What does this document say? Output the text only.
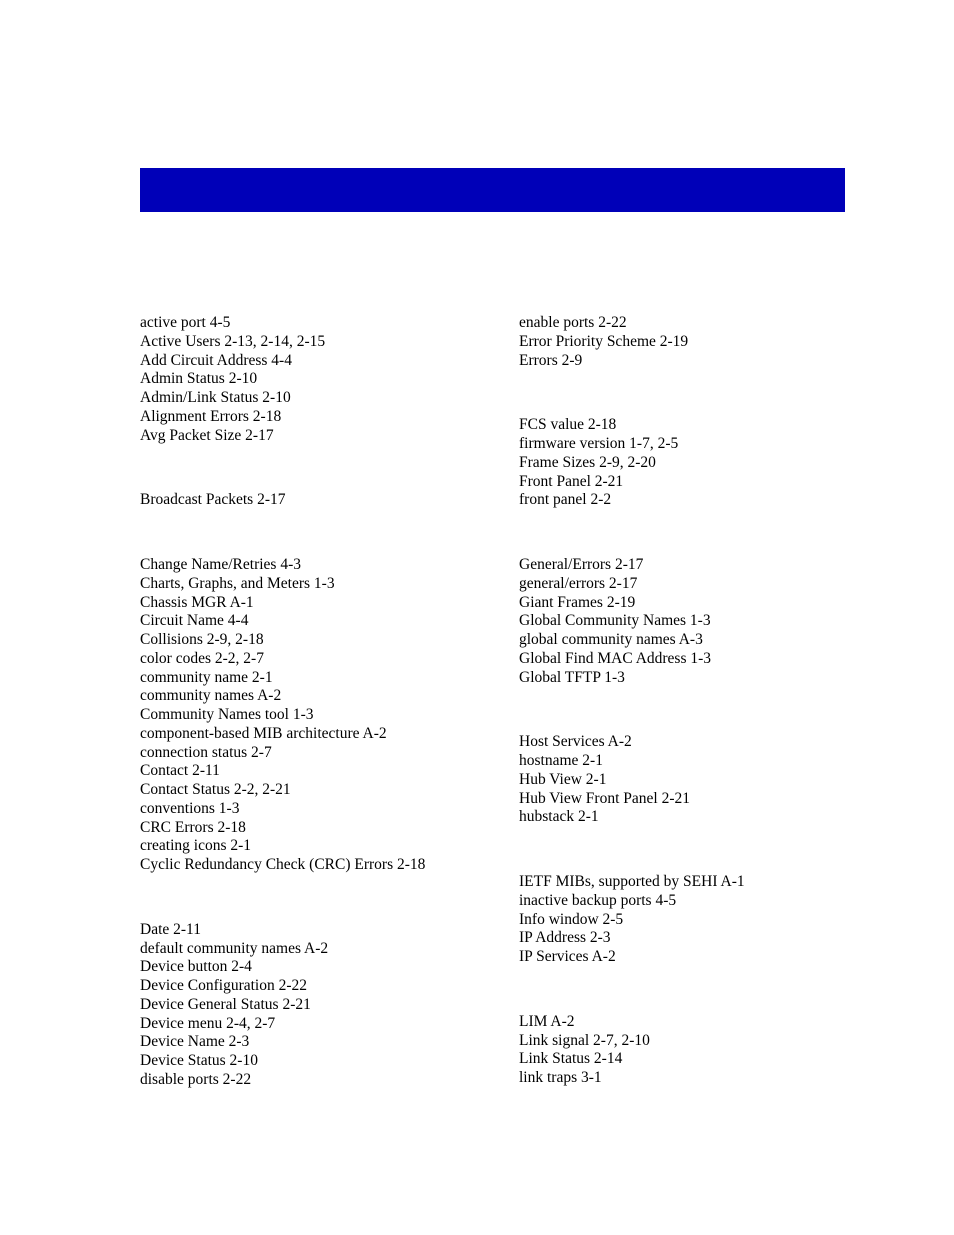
active port 4-5
Active Users 2-13, 2-14, 2-15
Add Circuit Address 4-4
Admin Status 2-10
Admin/Link Status 2-10
Alignment Errors 2-18
Avg Packet Size 2-17
Broadcast Packets 2-17
Change Name/Retries 4-3
Charts, Graphs, and Meters 1-3
Chassis MGR A-1
Circuit Name 4-4
Collisions 2-9, 2-18
color codes 2-2, 2-7
community name 2-1
community names A-2
Community Names tool 1-3
component-based MIB architecture A-2
connection status 2-7
Contact 2-11
Contact Status 2-2, 2-21
conventions 1-3
CRC Errors 2-18
creating icons 2-1
Cyclic Redundancy Check (CRC) Errors 2-18
Date 2-11
default community names A-2
Device button 2-4
Device Configuration 2-22
Device General Status 2-21
Device menu 2-4, 2-7
Device Name 2-3
Device Status 2-10
disable ports 2-22
enable ports 2-22
Error Priority Scheme 2-19
Errors 2-9
FCS value 2-18
firmware version 1-7, 2-5
Frame Sizes 2-9, 2-20
Front Panel 2-21
front panel 2-2
General/Errors 2-17
general/errors 2-17
Giant Frames 2-19
Global Community Names 1-3
global community names A-3
Global Find MAC Address 1-3
Global TFTP 1-3
Host Services A-2
hostname 2-1
Hub View 2-1
Hub View Front Panel 2-21
hubstack 2-1
IETF MIBs, supported by SEHI A-1
inactive backup ports 4-5
Info window 2-5
IP Address 2-3
IP Services A-2
LIM A-2
Link signal 2-7, 2-10
Link Status 2-14
link traps 3-1
